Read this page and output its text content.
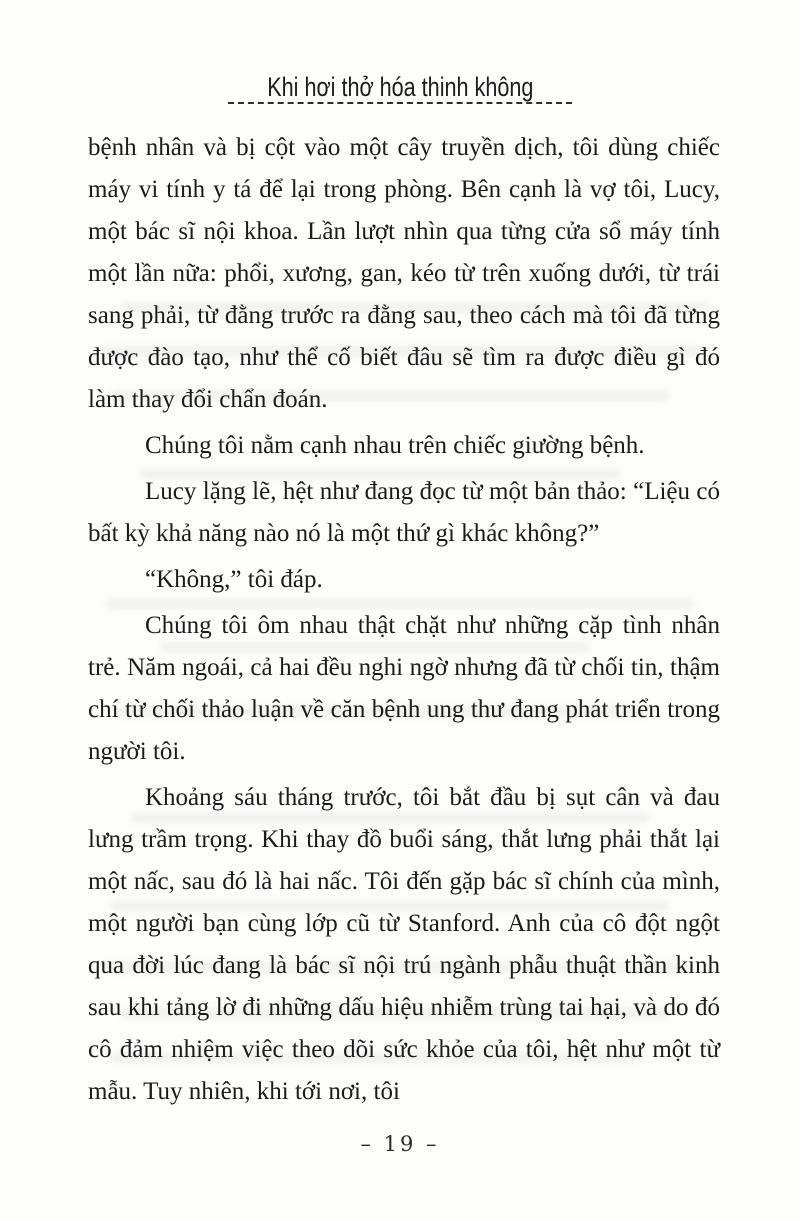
Khi hơi thở hóa thinh không

bệnh nhân và bị cột vào một cây truyền dịch, tôi dùng chiếc máy vi tính y tá để lại trong phòng. Bên cạnh là vợ tôi, Lucy, một bác sĩ nội khoa. Lần lượt nhìn qua từng cửa sổ máy tính một lần nữa: phổi, xương, gan, kéo từ trên xuống dưới, từ trái sang phải, từ đằng trước ra đằng sau, theo cách mà tôi đã từng được đào tạo, như thể cố biết đâu sẽ tìm ra được điều gì đó làm thay đổi chẩn đoán.

Chúng tôi nằm cạnh nhau trên chiếc giường bệnh.

Lucy lặng lẽ, hệt như đang đọc từ một bản thảo: “Liệu có bất kỳ khả năng nào nó là một thứ gì khác không?”

“Không,” tôi đáp.

Chúng tôi ôm nhau thật chặt như những cặp tình nhân trẻ. Năm ngoái, cả hai đều nghi ngờ nhưng đã từ chối tin, thậm chí từ chối thảo luận về căn bệnh ung thư đang phát triển trong người tôi.

Khoảng sáu tháng trước, tôi bắt đầu bị sụt cân và đau lưng trầm trọng. Khi thay đồ buổi sáng, thắt lưng phải thắt lại một nấc, sau đó là hai nấc. Tôi đến gặp bác sĩ chính của mình, một người bạn cùng lớp cũ từ Stanford. Anh của cô đột ngột qua đời lúc đang là bác sĩ nội trú ngành phẫu thuật thần kinh sau khi tảng lờ đi những dấu hiệu nhiễm trùng tai hại, và do đó cô đảm nhiệm việc theo dõi sức khỏe của tôi, hệt như một từ mẫu. Tuy nhiên, khi tới nơi, tôi

– 19 –
